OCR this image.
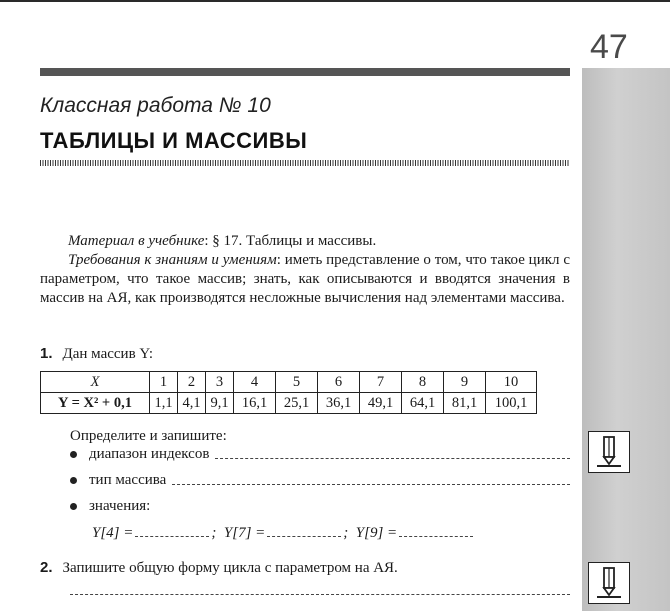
47
Классная работа № 10
ТАБЛИЦЫ И МАССИВЫ

Материал в учебнике: § 17. Таблицы и массивы.

Требования к знаниям и умениям: иметь представление о том, что такое цикл с параметром, что такое массив; знать, как описываются и вводятся значения в массив на АЯ, как производятся несложные вычисления над элементами массива.

1. Дан массив Y:
X	1	2	3	4	5	6	7	8	9	10
Y = X² + 0,1	1,1	4,1	9,1	16,1	25,1	36,1	49,1	64,1	81,1	100,1
Определите и запишите:
диапазон индексов
тип массива
значения:
Y[4] =	;  Y[7] =	;  Y[9] =
2. Запишите общую форму цикла с параметром на АЯ.
